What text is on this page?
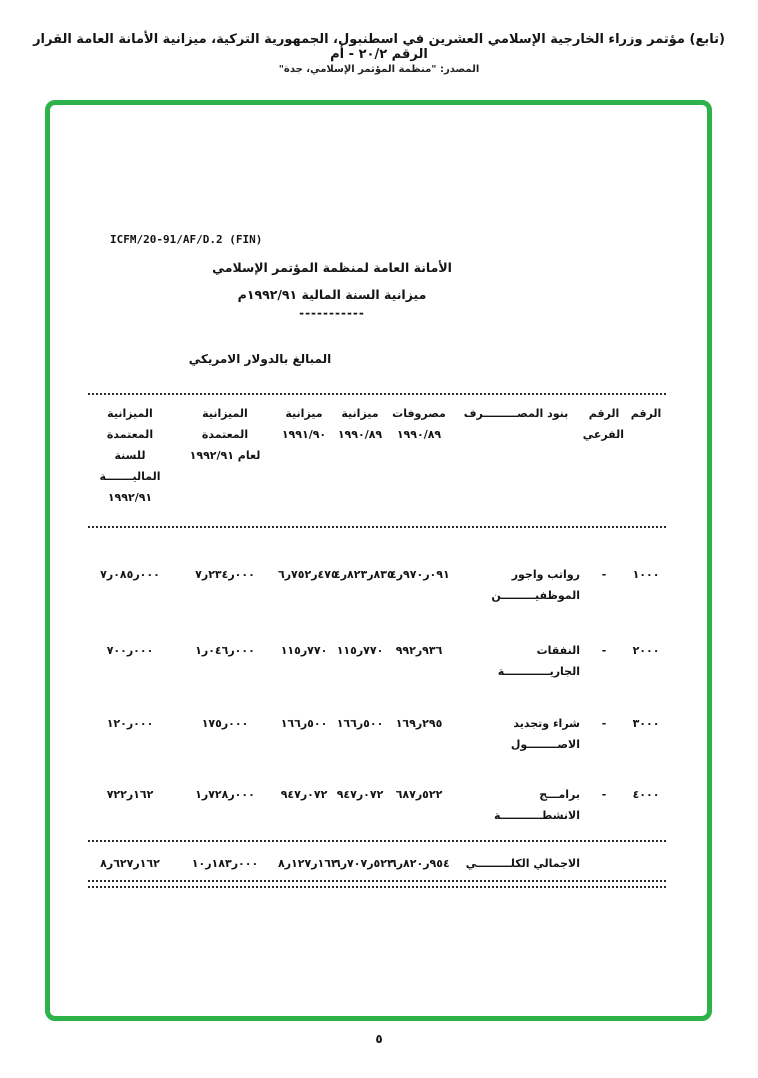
(تابع) مؤتمر وزراء الخارجية الإسلامي العشرين في اسطنبول، الجمهورية التركية، ميزانية الأمانة العامة القرار الرقم ٢٠/٢ - أم
المصدر: "منظمة المؤتمر الإسلامي، جدة"
ICFM/20-91/AF/D.2 (FIN)
الأمانة العامة لمنظمة المؤتمر الإسلامي
ميزانية السنة المالية ١٩٩٢/٩١م
-----------
المبالغ بالدولار الامريكي
الرقم
الرقم
الفرعي
بنود المصـــــــــرف
مصروفات
١٩٩٠/٨٩
ميزانية
١٩٩٠/٨٩
ميزانية
١٩٩١/٩٠
الميزانية
المعتمدة
لعام ١٩٩٢/٩١
الميزانية المعتمدة
للسنة الماليـــــــة
١٩٩٢/٩١
١٠٠٠
-
رواتب واجور الموظفيـــــــــن
٤ر٩٧٠ر٠٩١
٤ر٨٢٣ر٨٣٥
٦ر٧٥٢ر٤٧٥
٧ر٢٣٤ر٠٠٠
٧ر٠٨٥ر٠٠٠
٢٠٠٠
-
النفقات الجاريــــــــــــة
٩٩٢ر٩٣٦
١١٥ر٧٧٠
١١٥ر٧٧٠
١ر٠٤٦ر٠٠٠
٧٠٠ر٠٠٠
٣٠٠٠
-
شراء وتجديد الاصــــــــول
١٦٩ر٢٩٥
١٦٦ر٥٠٠
١٦٦ر٥٠٠
١٧٥ر٠٠٠
١٢٠ر٠٠٠
٤٠٠٠
-
برامـــج الانشطـــــــــــة
٦٨٧ر٥٢٢
٩٤٧ر٠٧٢
٩٤٧ر٠٧٢
١ر٧٢٨ر٠٠٠
٧٢٢ر١٦٢
الاجمالي الكلـــــــــي
٦ر٨٢٠ر٩٥٤
٦ر٧٠٧ر٥٢٢
٨ر١٢٧ر١٦٢
١٠ر١٨٣ر٠٠٠
٨ر٦٢٧ر١٦٢
٥
